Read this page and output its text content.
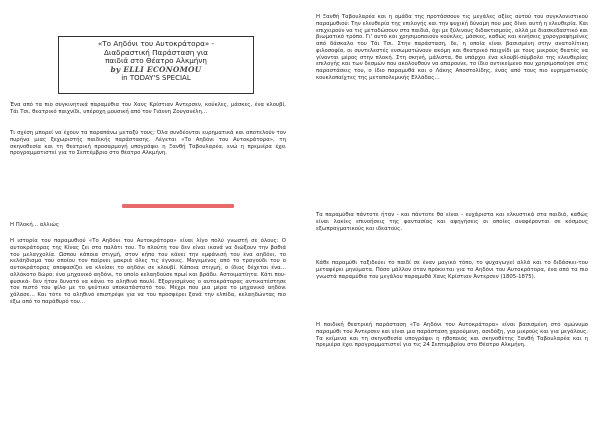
«Το Αηδόνι του Αυτοκράτορα» -
Διαδραστική Παράσταση για
παιδιά στο Θέατρο Αλκμήνη
by ELLI ECONOMOU
in TODAY'S SPECIAL

Ένα από τα πιο συγκινητικά παραμύθια του Χανς Κρίστιαν Άντερσεν, κούκλες, μάσκες, ένα κλουβί, Τάι Τσι, θεατρικό παιχνίδι, υπέροχη μουσική από τον Γιάννη Ζουγανέλη…

Τι σχέση μπορεί να έχουν τα παραπάνω μεταξύ τους; Όλα συνδέονται ευρηματικά και αποτελούν τον πυρήνα μιας ξεχωριστής παιδικής παράστασης. Λέγεται «Το Αηδόνι του Αυτοκράτορα», τη σκηνοθεσία και τη θεατρική προσαρμογή υπογράφει η Ξανθή Ταβουλαρέα, ενώ η πρεμιέρα έχει προγραμματιστεί για τo Σεπτέμβριο στο θέατρο Αλκμήνη.

Η Πλοκή… αλλιώς

Η ιστορία του παραμυθιού «Το Αηδόνι του Αυτοκράτορα» είναι λίγο πολύ γνωστή σε όλους: Ο αυτοκράτορας της Κίνας ζει στο παλάτι του. Το πλούτη του δεν είναι ικανά να διώξουν την βαθιά του μελαγχολία. Ωσπου κάποια στιγμή, στον κήπο του κάνει την εμφάνισή του ένα αηδόνι, το κελάηδισμα του οποίου τον παίρνει μακριά όλες τις έγνοιες. Μαγεμένος από το τραγούδι του ο αυτοκράτορας αποφασίζει να κλείσει το αηδόνι σε κλουβί. Κάποια στιγμή, ο ίδιος δέχεται ένα… αλλόκοτο δώρο: ένα μηχανικό αηδόνι, το οποίο κελαηδούσε πρωί και βράδυ. Αστοιματίητα. Κάτι που-φυσικά- δεν ήταν δυνατό να κάνει το αληθινό πουλί. Εξοργισμένος ο αυτοκράτορας αντικατέστησε τον πιστό του φίλο με το ψεύτικο υποκατάστατό του. Μέχρι που μια μέρα το μηχανικό αηδόνι χάλασε… Και τότε το αληθινό επιστρέψε για να του προσφέρει ξανά την ελπίδα, κελαηδώντας πιο έξω από το παράθυρό του…

Η Ξανθή Ταβουλαρέα και η ομάδα της προτάσσουν τις μεγάλες αξίες αυτού του συγκλονιστικού παραμυθιού: Την ελευθερία της επιλογής και την ψυχική δύναμη που μας δίνει αυτή η ελευθερία. Και επιχειρούν να τις μεταδώσουν στα παιδιά, όχι με ξύλινους διδακτισμούς, αλλά με διασκεδαστικό και βιωματικό τρόπο. Γι' αυτό και χρησιμοποιούν κούκλες, μάσκες, καθώς και κινήσεις χορογραφημένες από δάσκαλο του Τάι Τσι. Στην παράσταση, δε, η οποία είναι βασισμένη στην ανατολίτικη φιλοσοφία, οι συντελεστές ενσωματώνουν ακόμη και θεατρικό παιχνίδι με τους μικρούς θεατές να γίνονται μέρος στην πλοκή. Στη σκηνή, μάλιστα, θα υπάρχει ένα κλουβί-σύμβολο της ελευθερίας επιλογής και των δεσμών που ακολουθούν να απαρουνε, το ίδιο αντικείμενο που χρησιμοποίησε στις παραστάσεις του, ο ίδιο παραμυθά και ο Λάκης Αποστολίδης, ένας από τους πιο ευρηματικούς κουκλοπαίχτες της μεταπολεμικής Ελλάδας…

Τα παραμύθια πάντοτε ήταν - και πάντοτε θα είναι - ευχάριστα και ελκυστικά στα παιδιά, καθώς είναι λακίες επινοήσεις της φαντασίας και αφηγήσεις οι οποίες αναφέρονται σε κόσμους εξωπραγματικούς και ιδεατούς.

Κάθε παραμύθι ταξιδεύει το παιδί σε έναν μαγικό τόπο, το ψυχαγωγεί αλλά και το διδάσκει-του μεταφέρει μηνύματα. Πόσο μάλλον όταν πρόκειται για το Αηδόνι του Αυτοκράτορα, ένα από τα πιο γνωστά παραμύθια του μεγάλου παραμυθά Χανς Κρίστιαν Άντερσεν (1805-1875).

Η παιδική θεατρική παράσταση «Το Αηδόνι του Αυτοκράτορα» είναι βασισμένη στο ομώνυμο παραμύθι του Άντερσεν και είναι μια παράσταση χαρούμενη, ασιδόξη, για μικρούς και για μεγάλους. Τα κείμενα και τη σκηνοθεσία υπογράφει η ηθοποιός και σκηνοθέτης Ξανθή Ταβουλαρέα και η πρεμιέρα έχει προγραμματιστεί για τις 24 Σεπτεμβρίου στο Θέατρο Αλκμήνη.
